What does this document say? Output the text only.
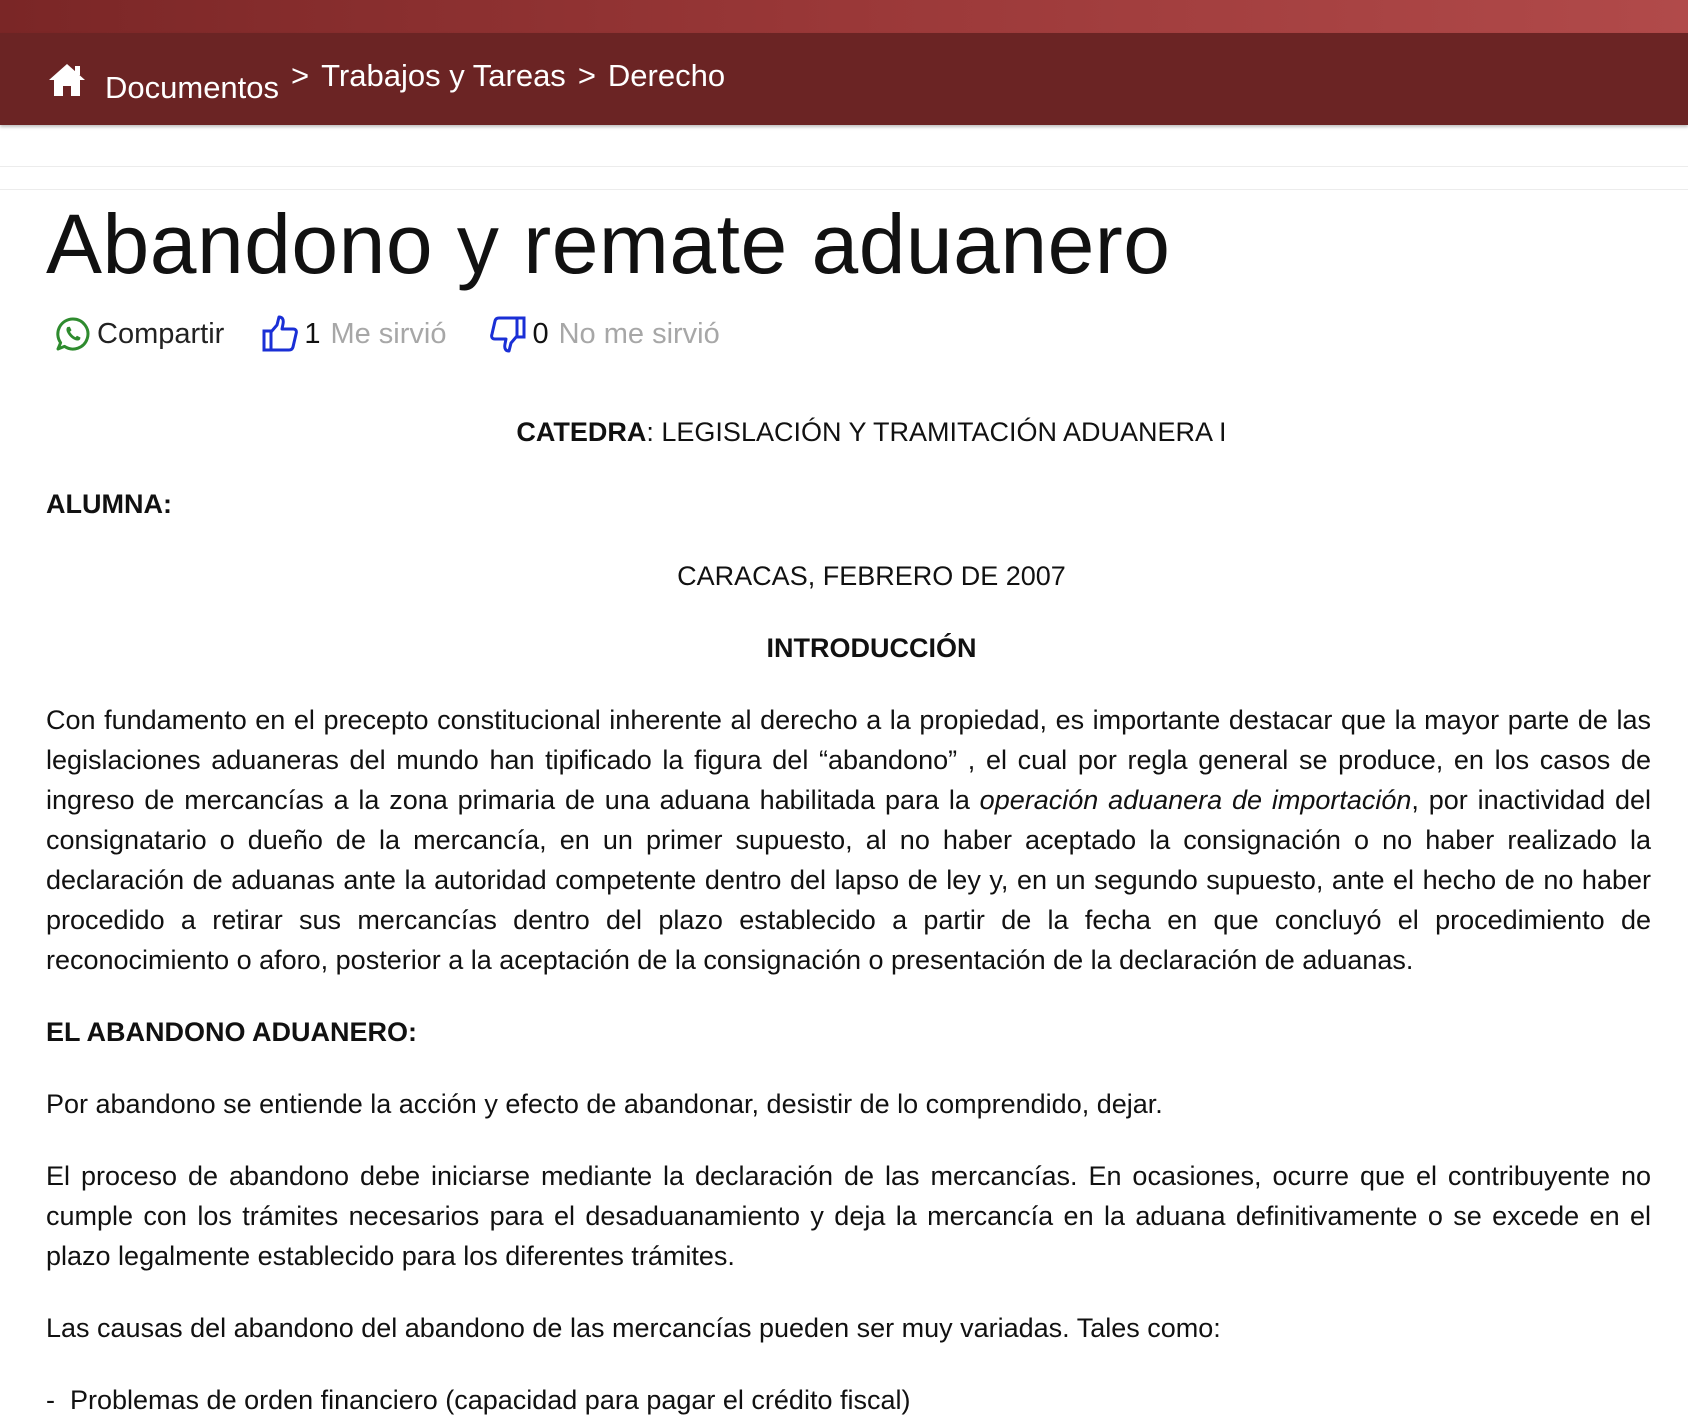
Documentos > Trabajos y Tareas > Derecho
Abandono y remate aduanero
Compartir	1 Me sirvió	0 No me sirvió

CATEDRA: LEGISLACIÓN Y TRAMITACIÓN ADUANERA I

ALUMNA:

CARACAS, FEBRERO DE 2007

INTRODUCCIÓN

Con fundamento en el precepto constitucional inherente al derecho a la propiedad, es importante destacar que la mayor parte de las legislaciones aduaneras del mundo han tipificado la figura del “abandono” , el cual por regla general se produce, en los casos de ingreso de mercancías a la zona primaria de una aduana habilitada para la operación aduanera de importación, por inactividad del consignatario o dueño de la mercancía, en un primer supuesto, al no haber aceptado la consignación o no haber realizado la declaración de aduanas ante la autoridad competente dentro del lapso de ley y, en un segundo supuesto, ante el hecho de no haber procedido a retirar sus mercancías dentro del plazo establecido a partir de la fecha en que concluyó el procedimiento de reconocimiento o aforo, posterior a la aceptación de la consignación o presentación de la declaración de aduanas.

EL ABANDONO ADUANERO:

Por abandono se entiende la acción y efecto de abandonar, desistir de lo comprendido, dejar.

El proceso de abandono debe iniciarse mediante la declaración de las mercancías. En ocasiones, ocurre que el contribuyente no cumple con los trámites necesarios para el desaduanamiento y deja la mercancía en la aduana definitivamente o se excede en el plazo legalmente establecido para los diferentes trámites.

Las causas del abandono del abandono de las mercancías pueden ser muy variadas. Tales como:

- Problemas de orden financiero (capacidad para pagar el crédito fiscal)
